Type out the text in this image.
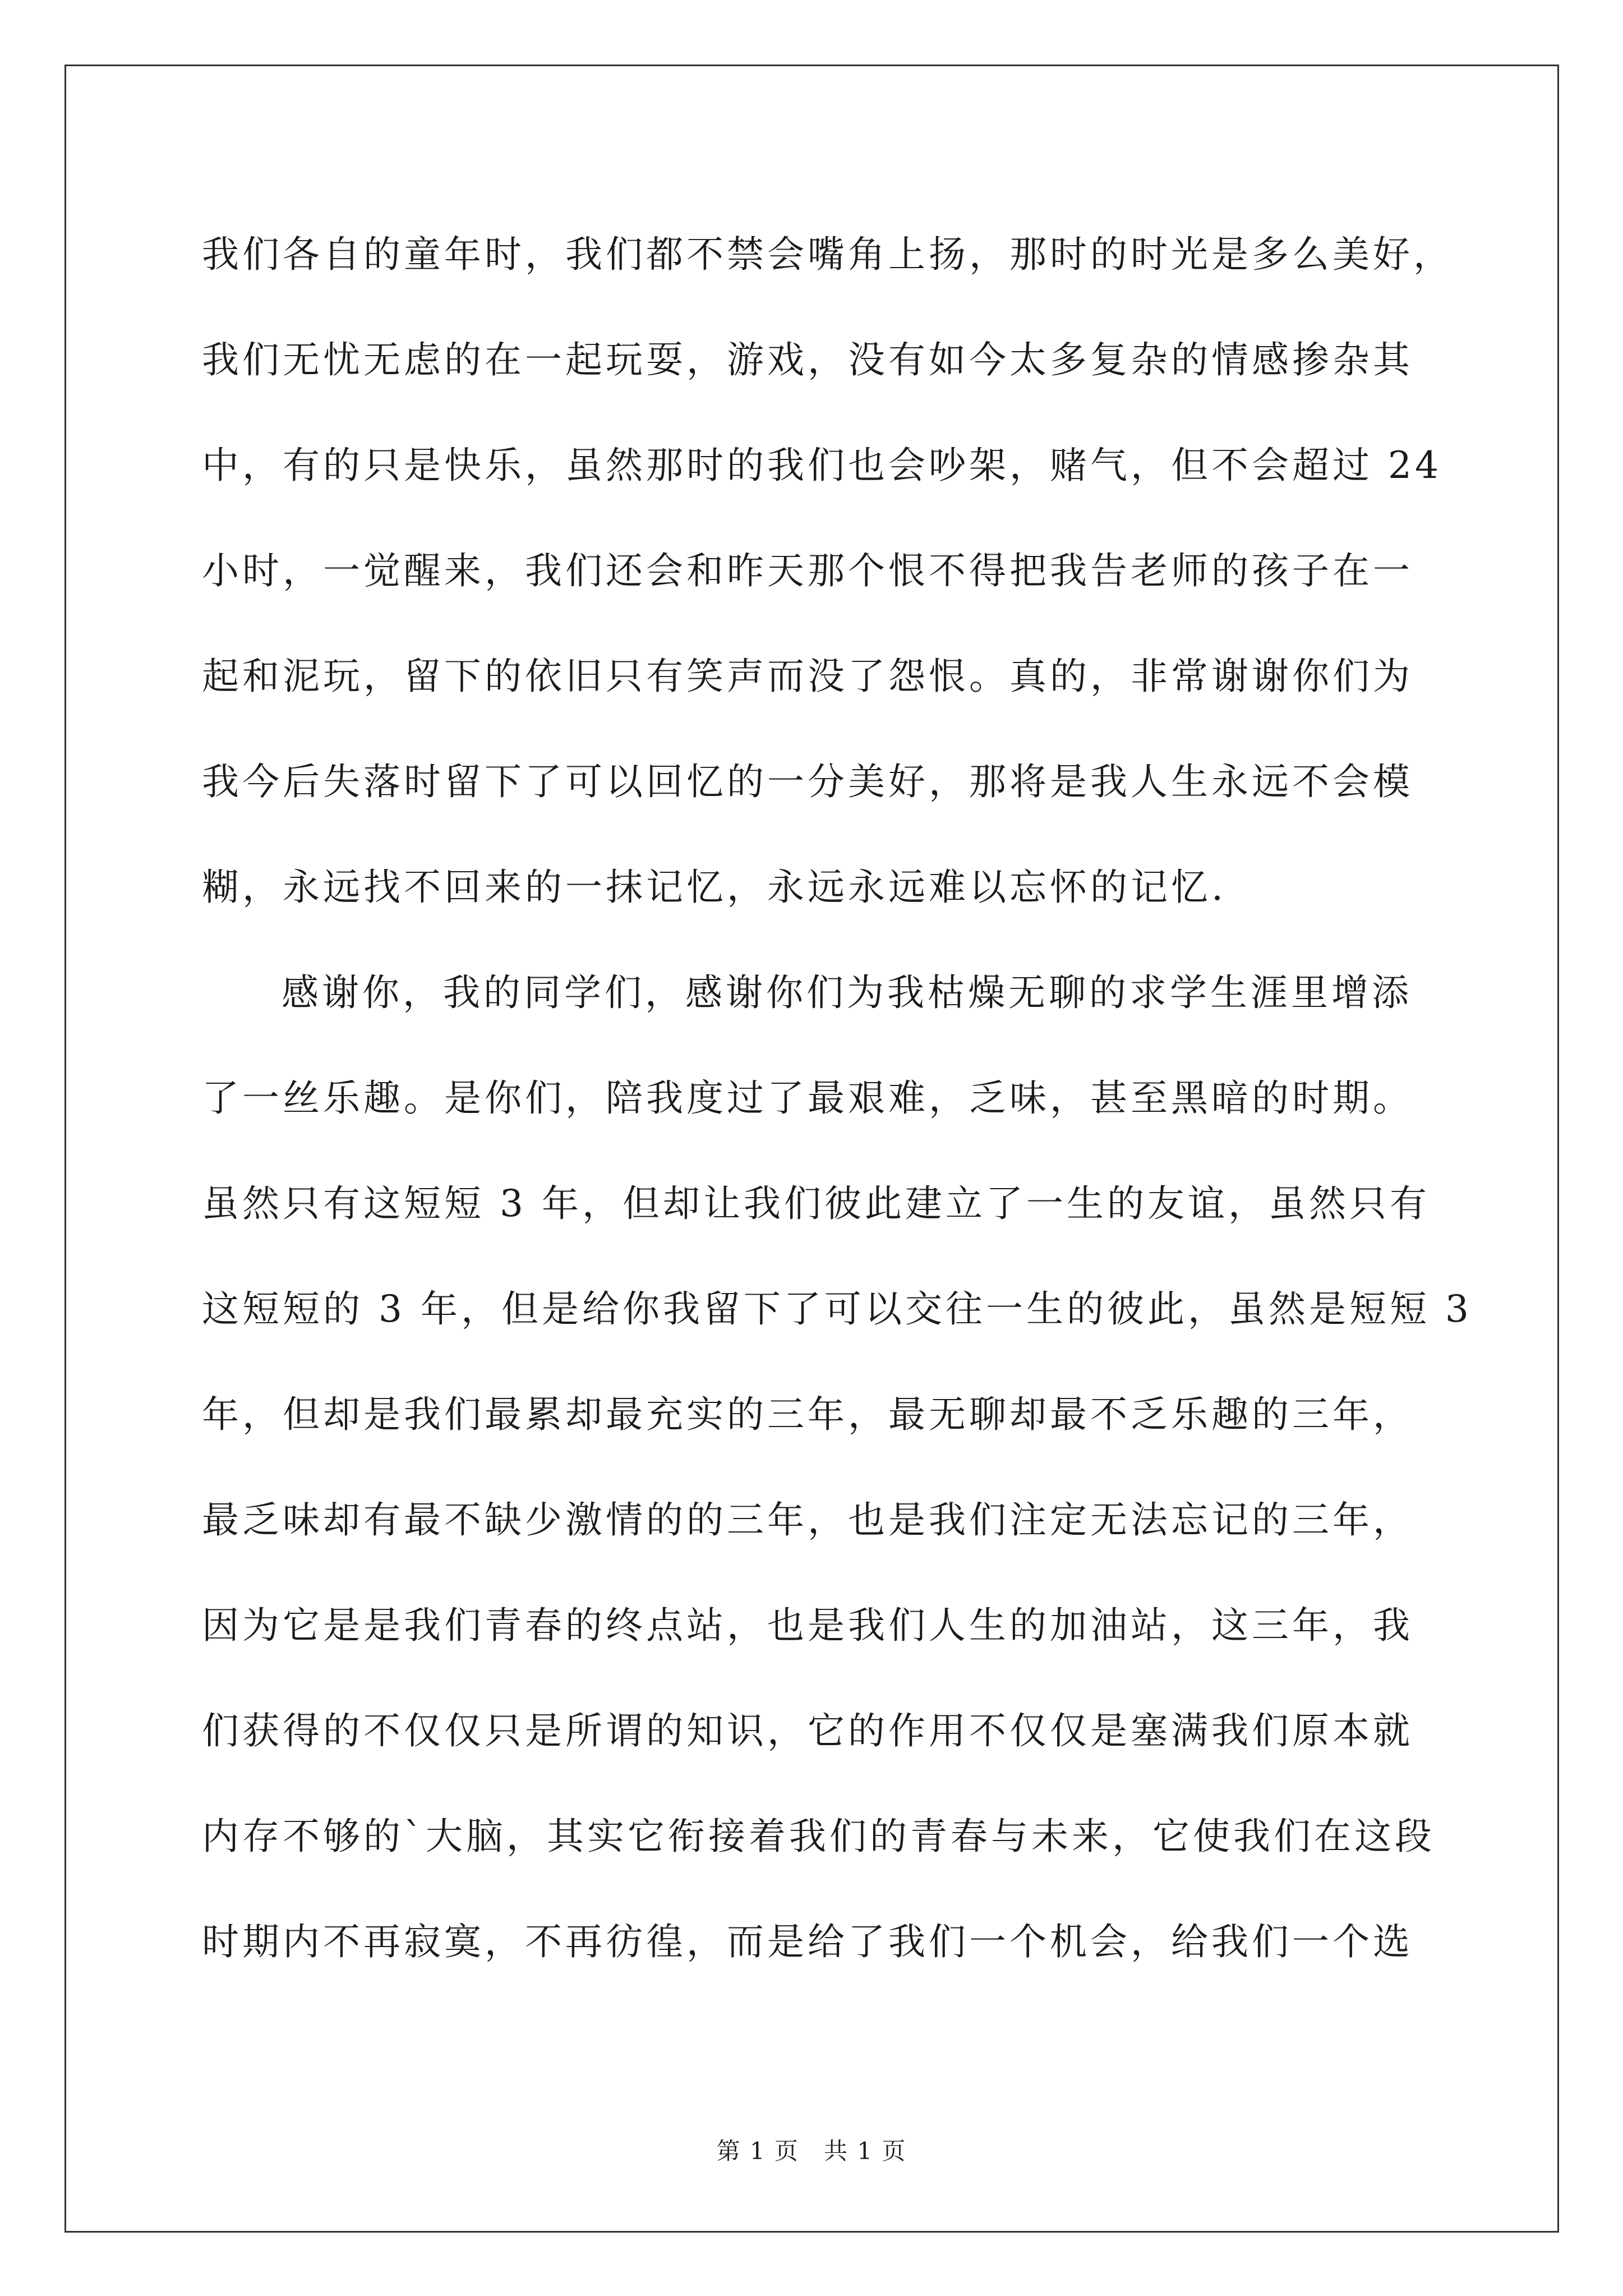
我们各自的童年时，我们都不禁会嘴角上扬，那时的时光是多么美好，
我们无忧无虑的在一起玩耍，游戏，没有如今太多复杂的情感掺杂其
中，有的只是快乐，虽然那时的我们也会吵架，赌气，但不会超过 24
小时，一觉醒来，我们还会和昨天那个恨不得把我告老师的孩子在一
起和泥玩，留下的依旧只有笑声而没了怨恨。真的，非常谢谢你们为
我今后失落时留下了可以回忆的一分美好，那将是我人生永远不会模
糊，永远找不回来的一抹记忆，永远永远难以忘怀的记忆.
感谢你，我的同学们，感谢你们为我枯燥无聊的求学生涯里增添
了一丝乐趣。是你们，陪我度过了最艰难，乏味，甚至黑暗的时期。
虽然只有这短短 3 年，但却让我们彼此建立了一生的友谊，虽然只有
这短短的 3 年，但是给你我留下了可以交往一生的彼此，虽然是短短 3
年，但却是我们最累却最充实的三年，最无聊却最不乏乐趣的三年，
最乏味却有最不缺少激情的的三年，也是我们注定无法忘记的三年，
因为它是是我们青春的终点站，也是我们人生的加油站，这三年，我
们获得的不仅仅只是所谓的知识，它的作用不仅仅是塞满我们原本就
内存不够的`大脑，其实它衔接着我们的青春与未来，它使我们在这段
时期内不再寂寞，不再彷徨，而是给了我们一个机会，给我们一个选
第 1 页　共 1 页
